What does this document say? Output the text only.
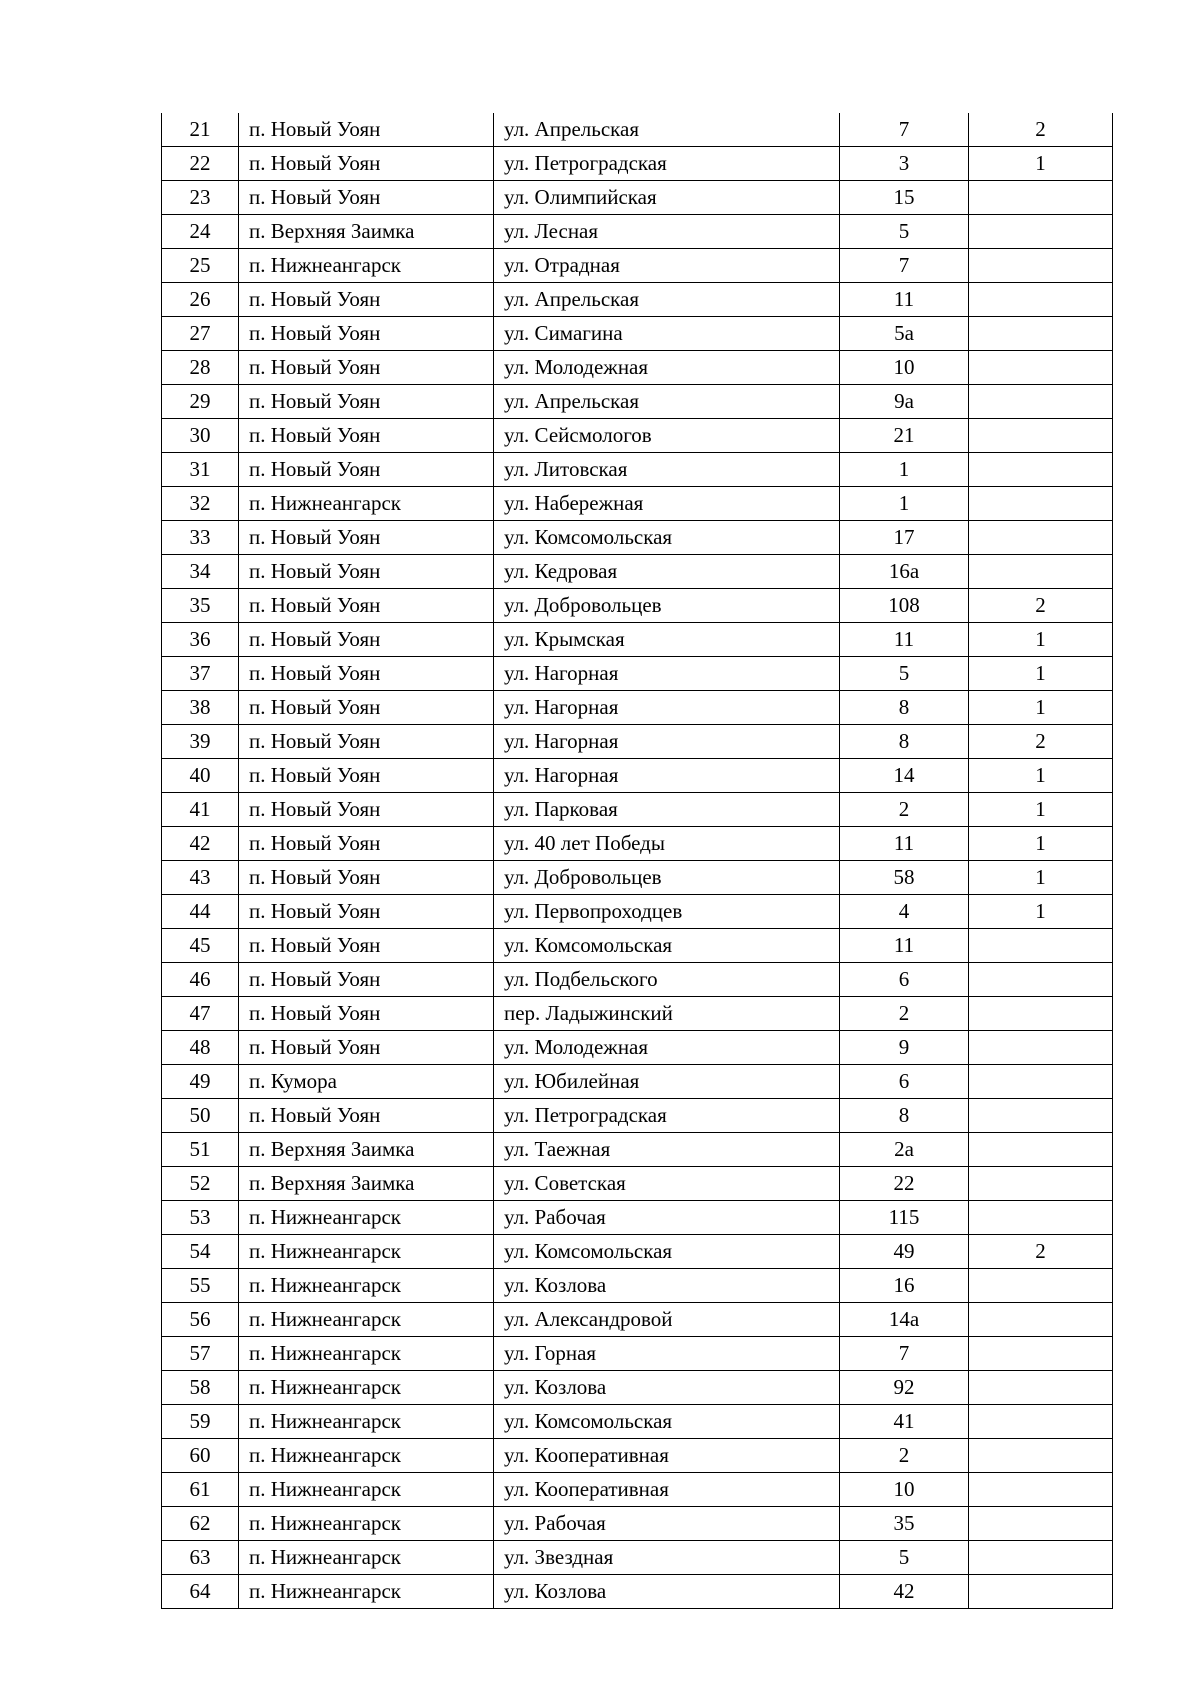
21	п. Новый Уоян	ул. Апрельская	7	2
22	п. Новый Уоян	ул. Петроградская	3	1
23	п. Новый Уоян	ул. Олимпийская	15	
24	п. Верхняя Заимка	ул. Лесная	5	
25	п. Нижнеангарск	ул. Отрадная	7	
26	п. Новый Уоян	ул. Апрельская	11	
27	п. Новый Уоян	ул. Симагина	5а	
28	п. Новый Уоян	ул. Молодежная	10	
29	п. Новый Уоян	ул. Апрельская	9а	
30	п. Новый Уоян	ул. Сейсмологов	21	
31	п. Новый Уоян	ул. Литовская	1	
32	п. Нижнеангарск	ул. Набережная	1	
33	п. Новый Уоян	ул. Комсомольская	17	
34	п. Новый Уоян	ул. Кедровая	16а	
35	п. Новый Уоян	ул. Добровольцев	108	2
36	п. Новый Уоян	ул. Крымская	11	1
37	п. Новый Уоян	ул. Нагорная	5	1
38	п. Новый Уоян	ул. Нагорная	8	1
39	п. Новый Уоян	ул. Нагорная	8	2
40	п. Новый Уоян	ул. Нагорная	14	1
41	п. Новый Уоян	ул. Парковая	2	1
42	п. Новый Уоян	ул. 40 лет Победы	11	1
43	п. Новый Уоян	ул. Добровольцев	58	1
44	п. Новый Уоян	ул. Первопроходцев	4	1
45	п. Новый Уоян	ул. Комсомольская	11	
46	п. Новый Уоян	ул. Подбельского	6	
47	п. Новый Уоян	пер. Ладыжинский	2	
48	п. Новый Уоян	ул. Молодежная	9	
49	п. Кумора	ул. Юбилейная	6	
50	п. Новый Уоян	ул. Петроградская	8	
51	п. Верхняя Заимка	ул. Таежная	2а	
52	п. Верхняя Заимка	ул. Советская	22	
53	п. Нижнеангарск	ул. Рабочая	115	
54	п. Нижнеангарск	ул. Комсомольская	49	2
55	п. Нижнеангарск	ул. Козлова	16	
56	п. Нижнеангарск	ул. Александровой	14а	
57	п. Нижнеангарск	ул. Горная	7	
58	п. Нижнеангарск	ул. Козлова	92	
59	п. Нижнеангарск	ул. Комсомольская	41	
60	п. Нижнеангарск	ул. Кооперативная	2	
61	п. Нижнеангарск	ул. Кооперативная	10	
62	п. Нижнеангарск	ул. Рабочая	35	
63	п. Нижнеангарск	ул. Звездная	5	
64	п. Нижнеангарск	ул. Козлова	42	
